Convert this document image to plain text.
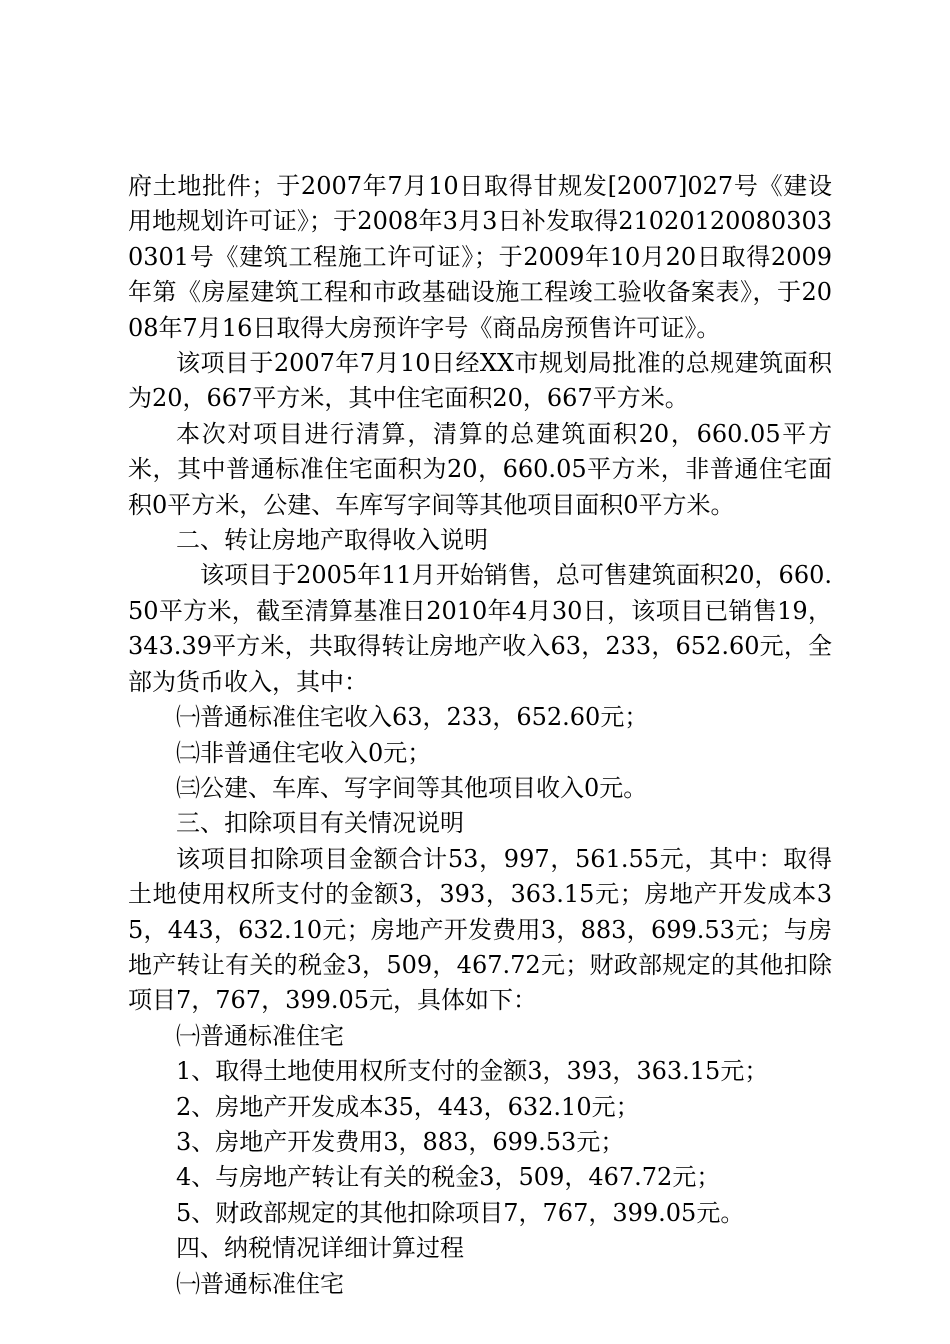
府土地批件；于2007年7月10日取得甘规发[2007]027号《建设用地规划许可证》；于2008年3月3日补发取得210201200803030301号《建筑工程施工许可证》；于2009年10月20日取得2009年第《房屋建筑工程和市政基础设施工程竣工验收备案表》，于2008年7月16日取得大房预许字号《商品房预售许可证》。

该项目于2007年7月10日经XX市规划局批准的总规建筑面积为20，667平方米，其中住宅面积20，667平方米。

本次对项目进行清算，清算的总建筑面积20，660.05平方米，其中普通标准住宅面积为20，660.05平方米，非普通住宅面积0平方米，公建、车库写字间等其他项目面积0平方米。

二、转让房地产取得收入说明

该项目于2005年11月开始销售，总可售建筑面积20，660.50平方米，截至清算基准日2010年4月30日，该项目已销售19，343.39平方米，共取得转让房地产收入63，233，652.60元，全部为货币收入，其中：

㈠普通标准住宅收入63，233，652.60元；

㈡非普通住宅收入0元；

㈢公建、车库、写字间等其他项目收入0元。

三、扣除项目有关情况说明

该项目扣除项目金额合计53，997，561.55元，其中：取得土地使用权所支付的金额3，393，363.15元；房地产开发成本35，443，632.10元；房地产开发费用3，883，699.53元；与房地产转让有关的税金3，509，467.72元；财政部规定的其他扣除项目7，767，399.05元，具体如下：

㈠普通标准住宅

1、取得土地使用权所支付的金额3，393，363.15元；

2、房地产开发成本35，443，632.10元；

3、房地产开发费用3，883，699.53元；

4、与房地产转让有关的税金3，509，467.72元；

5、财政部规定的其他扣除项目7，767，399.05元。

四、纳税情况详细计算过程

㈠普通标准住宅
